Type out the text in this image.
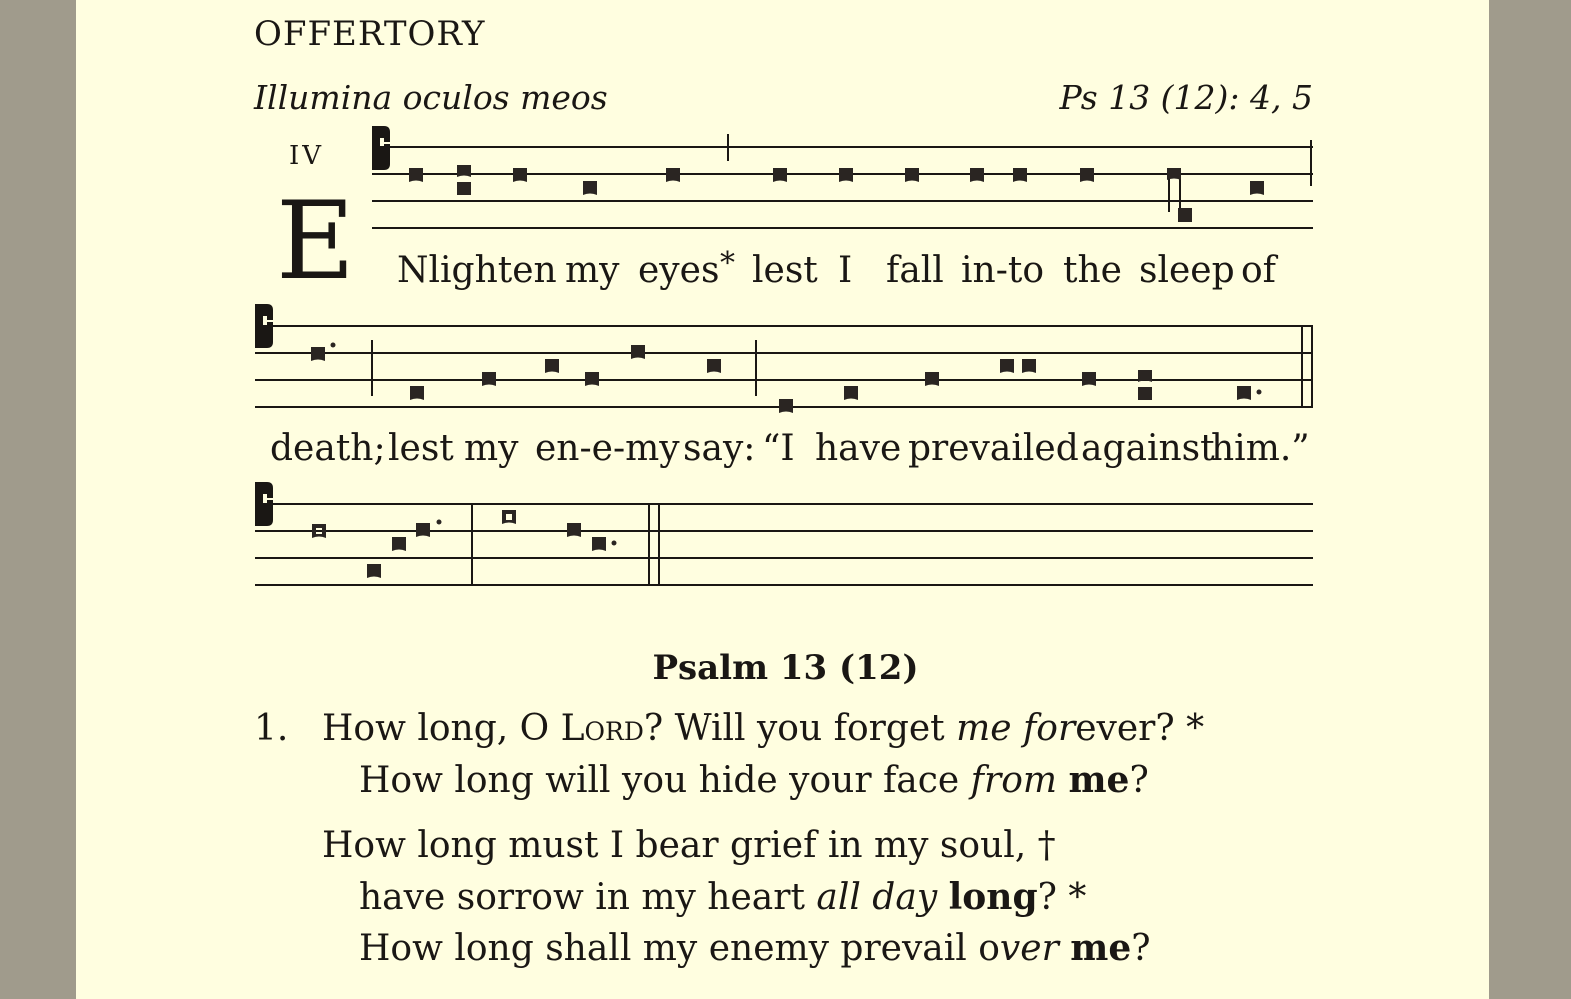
OFFERTORY
Illumina oculos meos	Ps 13 (12): 4, 5
IV
E Nlighten my eyes * lest I fall in-to the sleep of
death; lest my en-e-my say: “I have prevailed against
him.”
Psalm 13 (12)
1. How long, O Lord? Will you forget me forever? *
How long will you hide your face from me?
How long must I bear grief in my soul, †
have sorrow in my heart all day long? *
How long shall my enemy prevail over me?
